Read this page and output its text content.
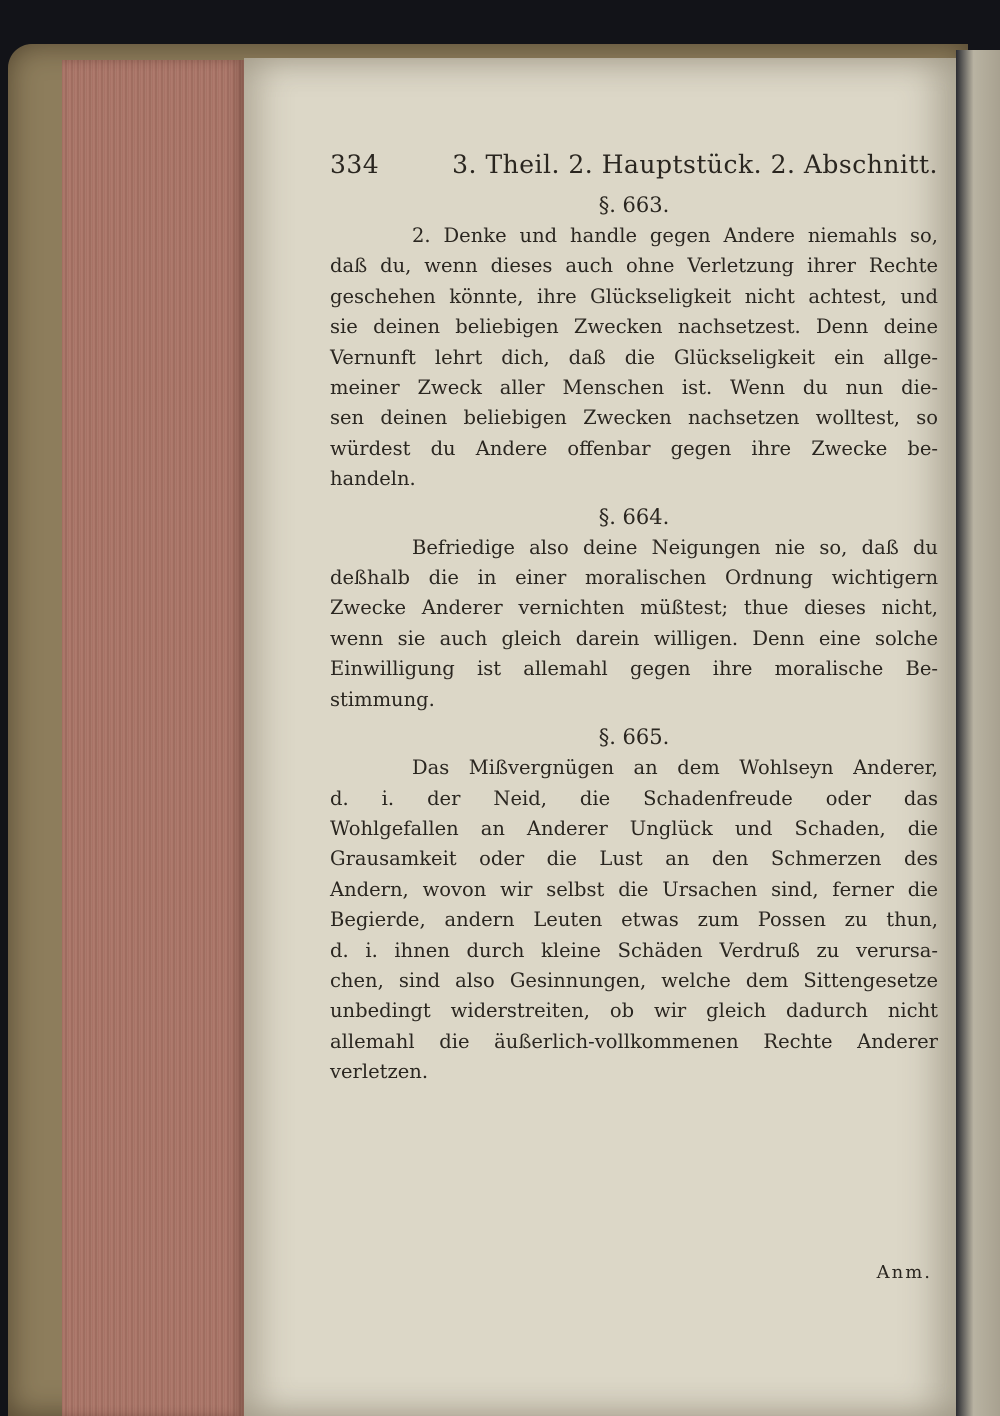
334	3. Theil. 2. Hauptstück. 2. Abschnitt.
§. 663.

2. Denke und handle gegen Andere niemahls so,
daß du, wenn dieses auch ohne Verletzung ihrer Rechte
geschehen könnte, ihre Glückseligkeit nicht achtest, und
sie deinen beliebigen Zwecken nachsetzest. Denn deine
Vernunft lehrt dich, daß die Glückseligkeit ein allge-
meiner Zweck aller Menschen ist. Wenn du nun die-
sen deinen beliebigen Zwecken nachsetzen wolltest, so
würdest du Andere offenbar gegen ihre Zwecke be-
handeln.

§. 664.

Befriedige also deine Neigungen nie so, daß du
deßhalb die in einer moralischen Ordnung wichtigern
Zwecke Anderer vernichten müßtest; thue dieses nicht,
wenn sie auch gleich darein willigen. Denn eine solche
Einwilligung ist allemahl gegen ihre moralische Be-
stimmung.

§. 665.

Das Mißvergnügen an dem Wohlseyn Anderer,
d. i. der Neid, die Schadenfreude oder das
Wohlgefallen an Anderer Unglück und Schaden, die
Grausamkeit oder die Lust an den Schmerzen des
Andern, wovon wir selbst die Ursachen sind, ferner die
Begierde, andern Leuten etwas zum Possen zu thun,
d. i. ihnen durch kleine Schäden Verdruß zu verursa-
chen, sind also Gesinnungen, welche dem Sittengesetze
unbedingt widerstreiten, ob wir gleich dadurch nicht
allemahl die äußerlich-vollkommenen Rechte Anderer
verletzen.

Anm.
